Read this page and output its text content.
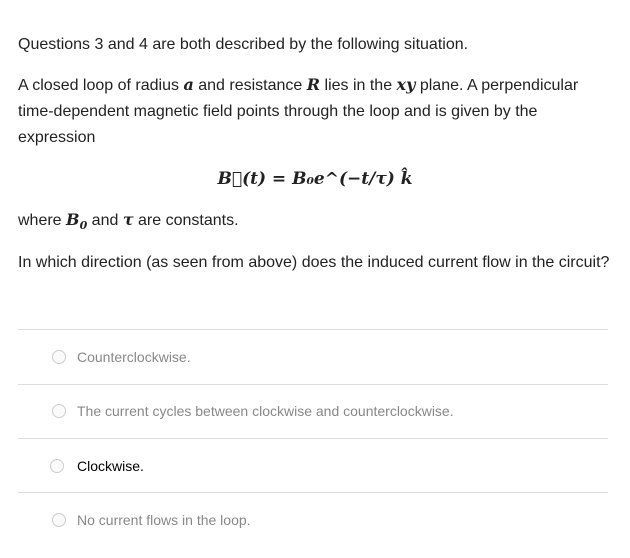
Questions 3 and 4 are both described by the following situation.
A closed loop of radius a and resistance R lies in the xy plane. A perpendicular time-dependent magnetic field points through the loop and is given by the expression
B⃗(t) = B₀e^(−t/τ) k̂
where $B_0$ and τ are constants.
In which direction (as seen from above) does the induced current flow in the circuit?
Counterclockwise.
The current cycles between clockwise and counterclockwise.
Clockwise.
No current flows in the loop.
